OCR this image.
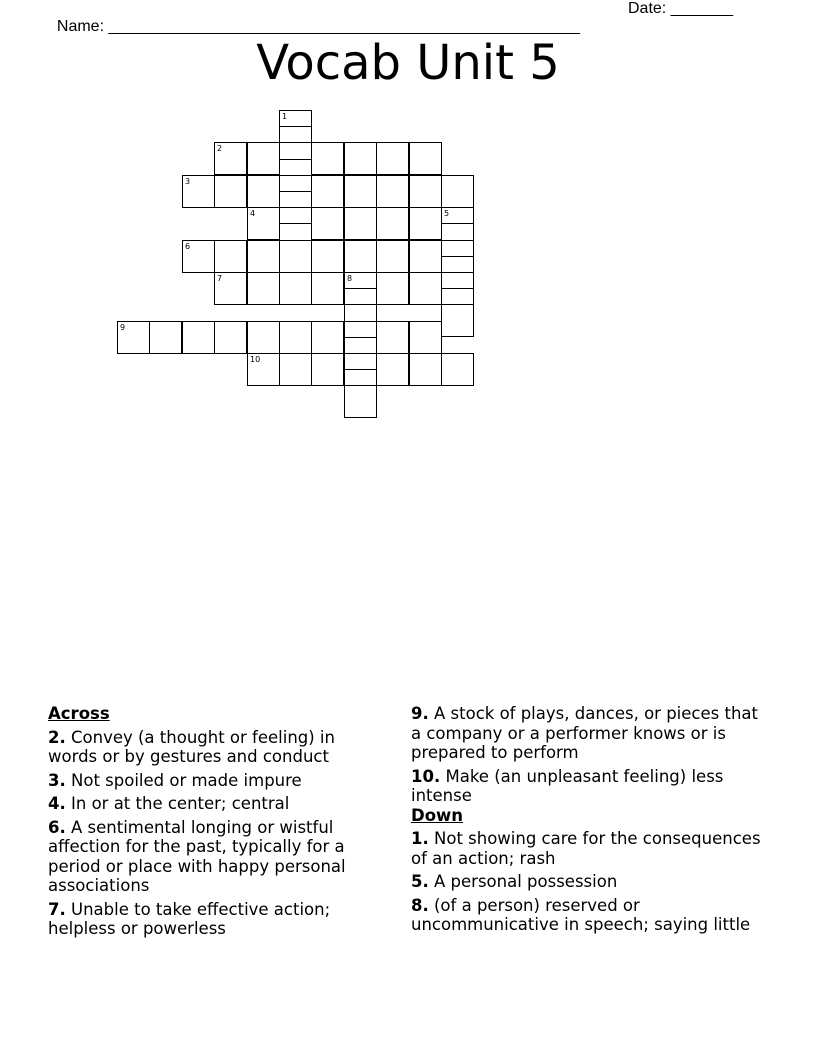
Name: _____________________________________________________

Date: _______

Vocab Unit 5
1
2
3
4	5
6
7	8
9
10
Across
2. Convey (a thought or feeling) in words or by gestures and conduct
3. Not spoiled or made impure
4. In or at the center; central
6. A sentimental longing or wistful affection for the past, typically for a period or place with happy personal associations
7. Unable to take effective action; helpless or powerless
9. A stock of plays, dances, or pieces that a company or a performer knows or is prepared to perform
10. Make (an unpleasant feeling) less intense
Down
1. Not showing care for the consequences of an action; rash
5. A personal possession
8. (of a person) reserved or uncommunicative in speech; saying little
